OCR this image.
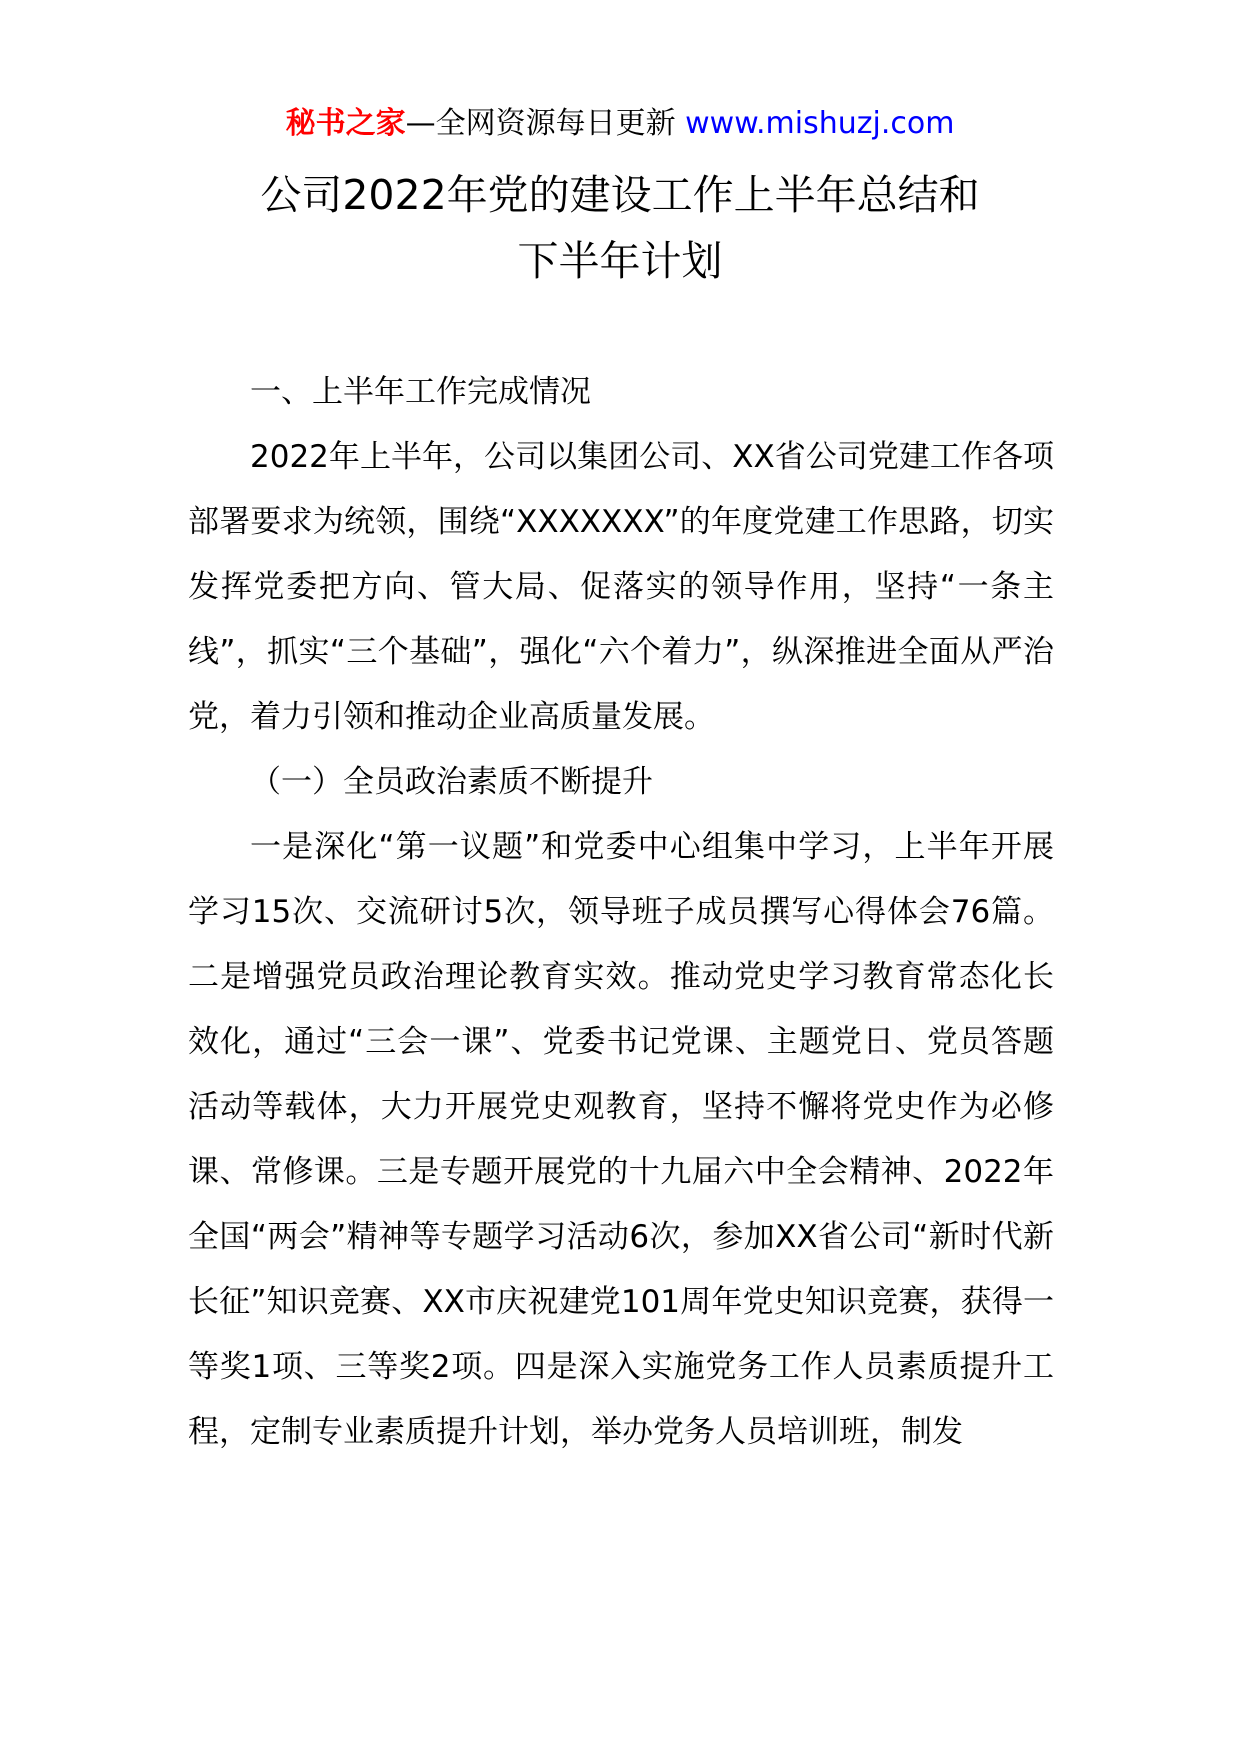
秘书之家—全网资源每日更新 www.mishuzj.com
公司2022年党的建设工作上半年总结和
下半年计划

一、上半年工作完成情况

2022年上半年，公司以集团公司、XX省公司党建工作各项部署要求为统领，围绕“XXXXXXX”的年度党建工作思路，切实发挥党委把方向、管大局、促落实的领导作用，坚持“一条主线”，抓实“三个基础”，强化“六个着力”，纵深推进全面从严治党，着力引领和推动企业高质量发展。

（一）全员政治素质不断提升

一是深化“第一议题”和党委中心组集中学习，上半年开展学习15次、交流研讨5次，领导班子成员撰写心得体会76篇。二是增强党员政治理论教育实效。推动党史学习教育常态化长效化，通过“三会一课”、党委书记党课、主题党日、党员答题活动等载体，大力开展党史观教育，坚持不懈将党史作为必修课、常修课。三是专题开展党的十九届六中全会精神、2022年全国“两会”精神等专题学习活动6次，参加XX省公司“新时代新长征”知识竞赛、XX市庆祝建党101周年党史知识竞赛，获得一等奖1项、三等奖2项。四是深入实施党务工作人员素质提升工程，定制专业素质提升计划，举办党务人员培训班，制发
